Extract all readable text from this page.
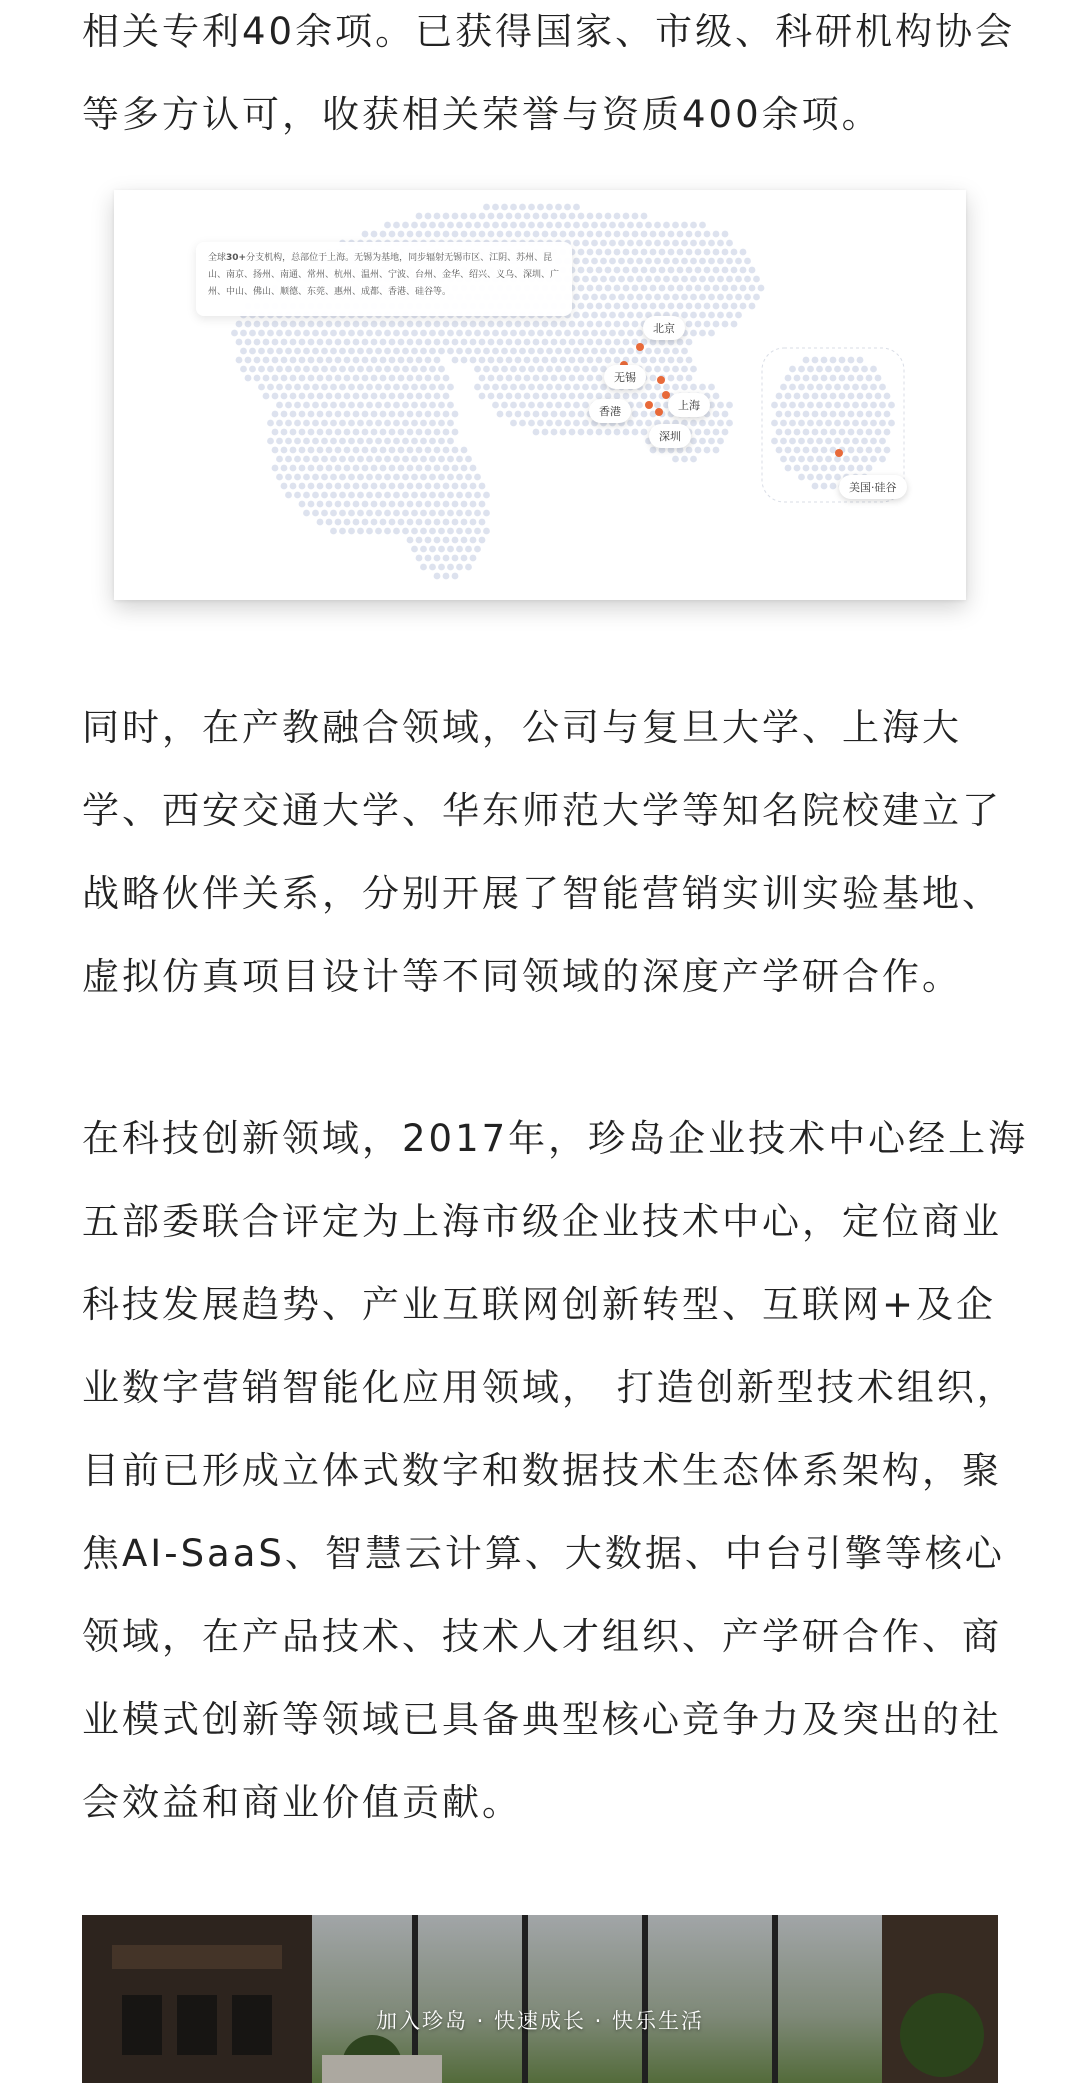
相关专利40余项。已获得国家、市级、科研机构协会
等多方认可，收获相关荣誉与资质400余项。

全球30+分支机构，总部位于上海。无锡为基地，同步辐射无锡市区、江阴、苏州、昆山、南京、扬州、南通、常州、杭州、温州、宁波、台州、金华、绍兴、义乌、深圳、广州、中山、佛山、顺德、东莞、惠州、成都、香港、硅谷等。
北京
无锡
香港	上海
深圳
美国·硅谷

同时，在产教融合领域，公司与复旦大学、上海大
学、西安交通大学、华东师范大学等知名院校建立了
战略伙伴关系，分别开展了智能营销实训实验基地、
虚拟仿真项目设计等不同领域的深度产学研合作。

在科技创新领域，2017年，珍岛企业技术中心经上海
五部委联合评定为上海市级企业技术中心，定位商业
科技发展趋势、产业互联网创新转型、互联网+及企
业数字营销智能化应用领域， 打造创新型技术组织，
目前已形成立体式数字和数据技术生态体系架构，聚
焦AI-SaaS、智慧云计算、大数据、中台引擎等核心
领域，在产品技术、技术人才组织、产学研合作、商
业模式创新等领域已具备典型核心竞争力及突出的社
会效益和商业价值贡献。

加入珍岛 · 快速成长 · 快乐生活
